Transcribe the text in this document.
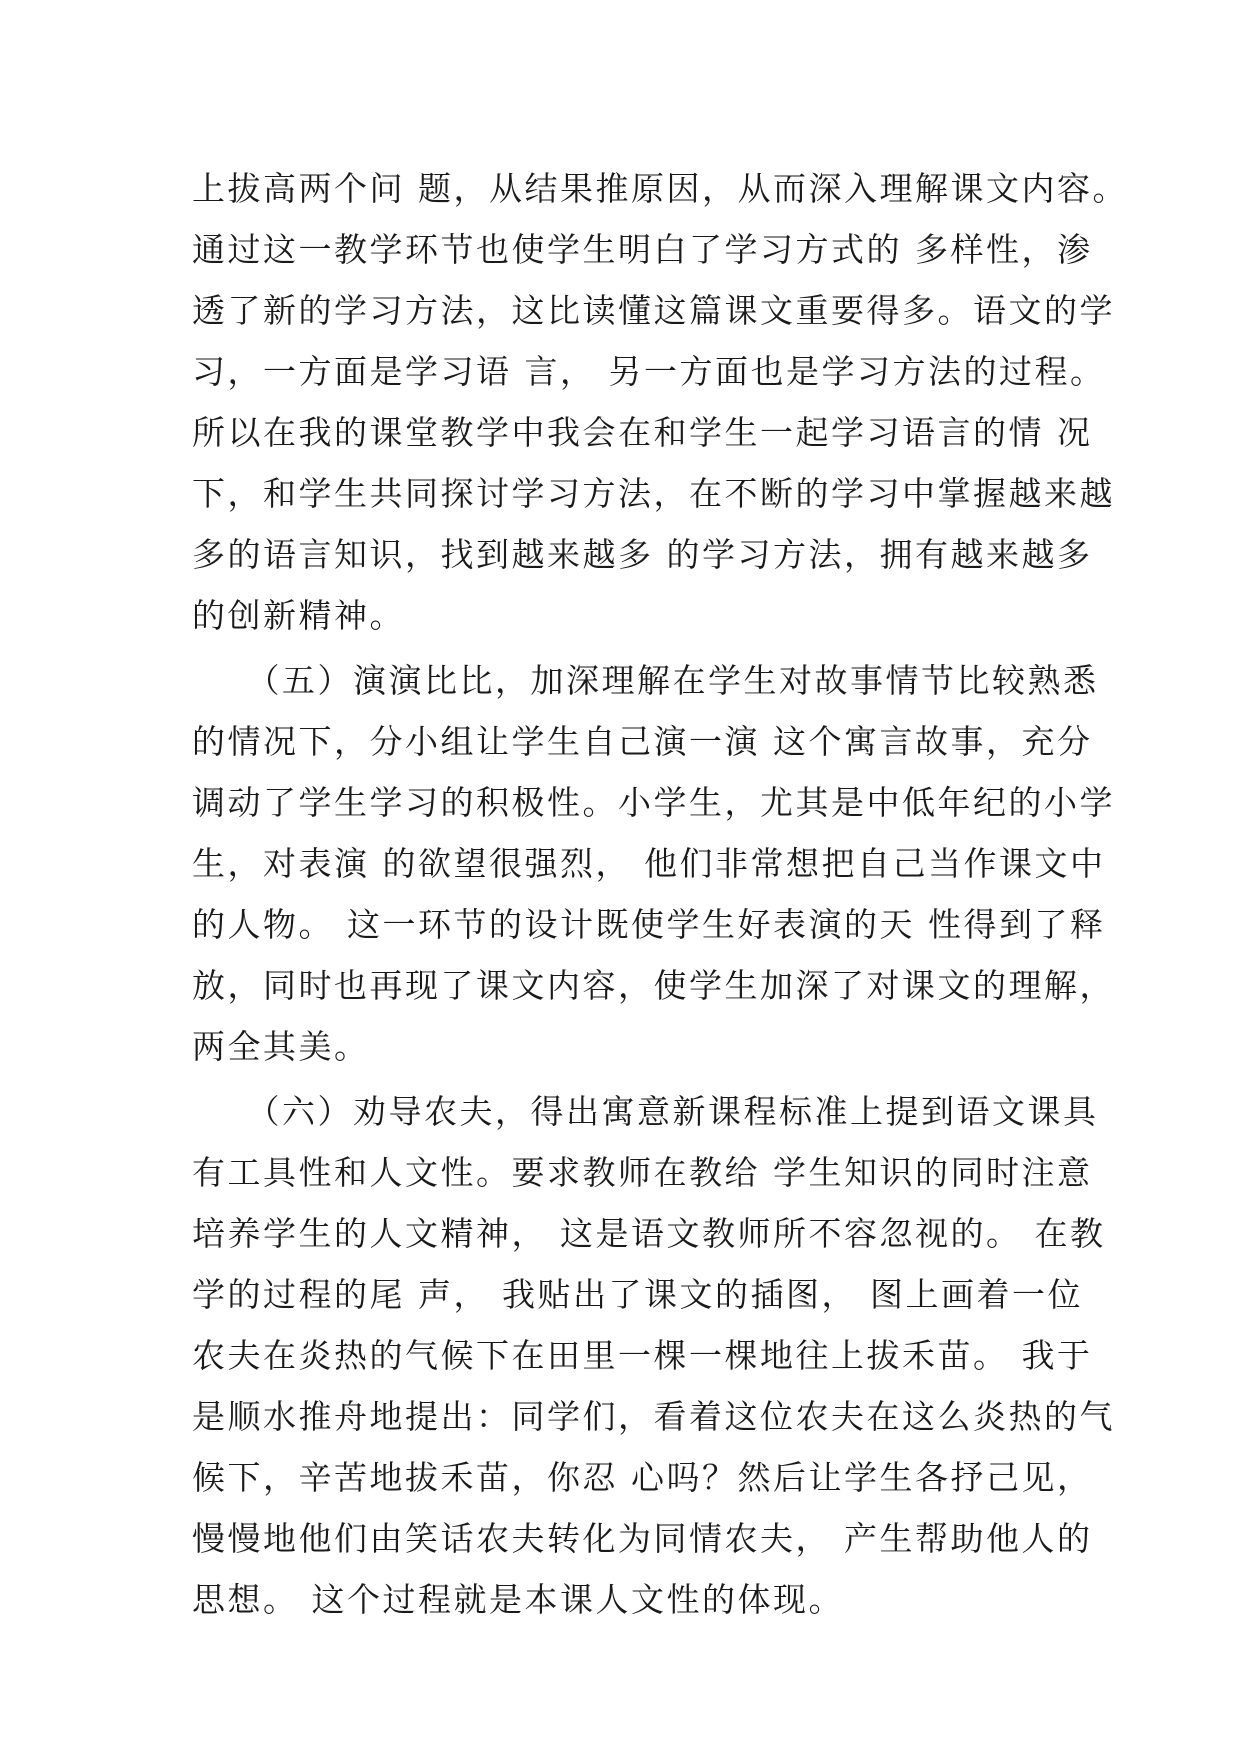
上拔高两个问 题，从结果推原因，从而深入理解课文内容。
通过这一教学环节也使学生明白了学习方式的 多样性，渗
透了新的学习方法，这比读懂这篇课文重要得多。语文的学
习，一方面是学习语 言， 另一方面也是学习方法的过程。
所以在我的课堂教学中我会在和学生一起学习语言的情 况
下，和学生共同探讨学习方法，在不断的学习中掌握越来越
多的语言知识，找到越来越多 的学习方法，拥有越来越多
的创新精神。
　　（五）演演比比，加深理解在学生对故事情节比较熟悉
的情况下，分小组让学生自己演一演 这个寓言故事，充分
调动了学生学习的积极性。小学生，尤其是中低年纪的小学
生，对表演 的欲望很强烈， 他们非常想把自己当作课文中
的人物。 这一环节的设计既使学生好表演的天 性得到了释
放，同时也再现了课文内容，使学生加深了对课文的理解，
两全其美。
　　（六）劝导农夫，得出寓意新课程标准上提到语文课具
有工具性和人文性。要求教师在教给 学生知识的同时注意
培养学生的人文精神， 这是语文教师所不容忽视的。 在教
学的过程的尾 声， 我贴出了课文的插图， 图上画着一位
农夫在炎热的气候下在田里一棵一棵地往上拔禾苗。 我于
是顺水推舟地提出：同学们，看着这位农夫在这么炎热的气
候下，辛苦地拔禾苗，你忍 心吗？然后让学生各抒己见，
慢慢地他们由笑话农夫转化为同情农夫， 产生帮助他人的
思想。 这个过程就是本课人文性的体现。
